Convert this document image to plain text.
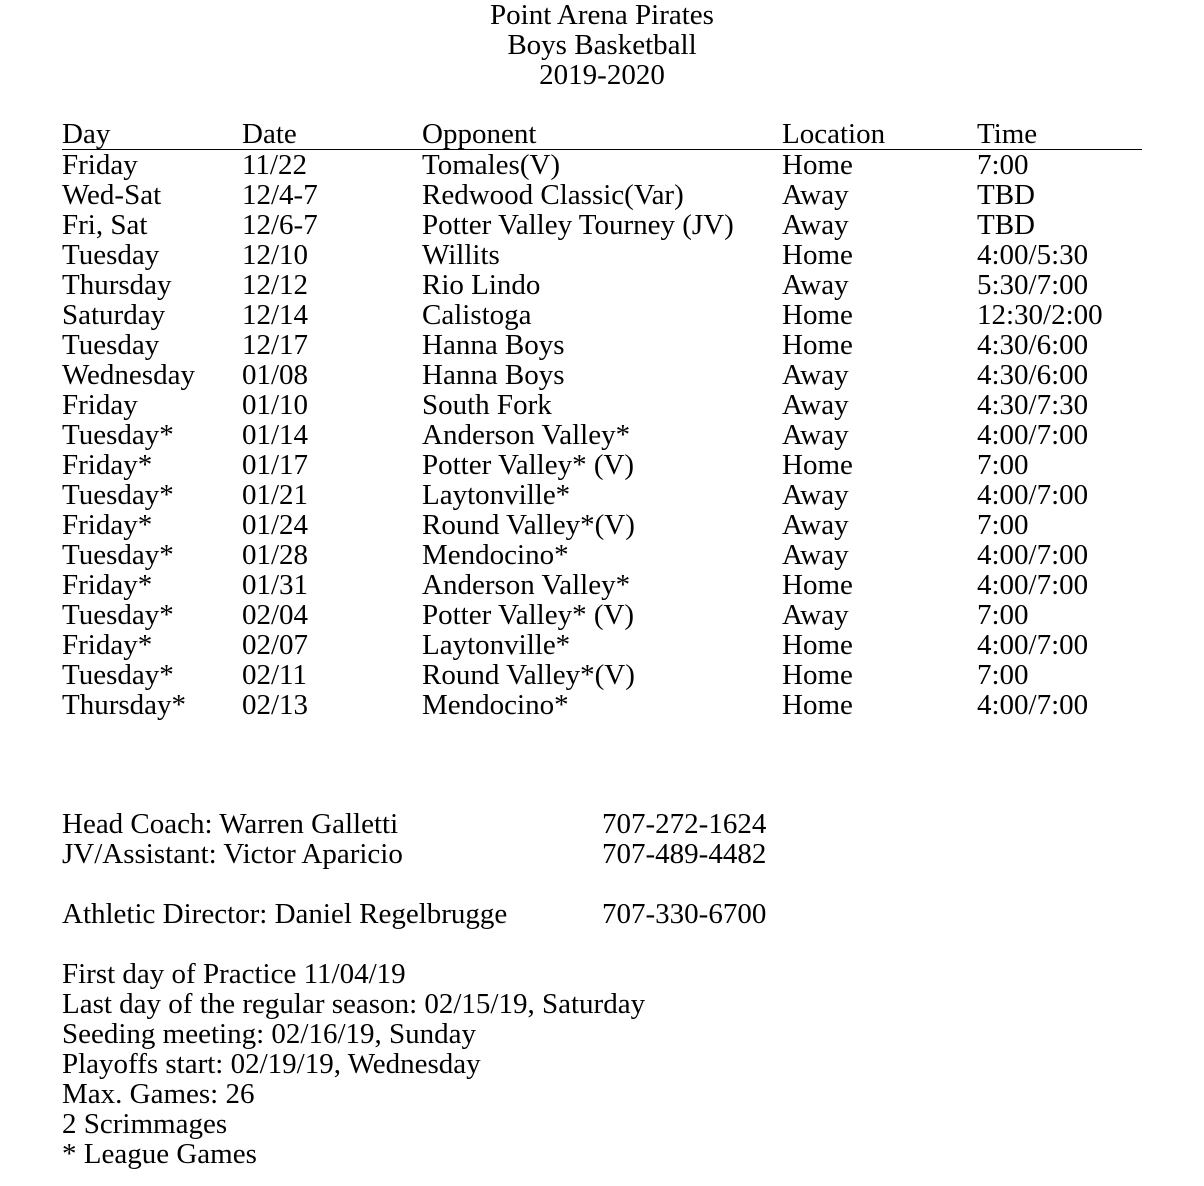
Point Arena Pirates
Boys Basketball
2019-2020
Day	Date	Opponent	Location	Time
Friday	11/22	Tomales(V)	Home	7:00
Wed-Sat	12/4-7	Redwood Classic(Var)	Away	TBD
Fri, Sat	12/6-7	Potter Valley Tourney (JV) Away	TBD
Tuesday	12/10	Willits	Home	4:00/5:30
Thursday 12/12	Rio Lindo	Away	5:30/7:00
Saturday	12/14	Calistoga	Home	12:30/2:00
Tuesday	12/17	Hanna Boys	Home	4:30/6:00
Wednesday 01/08	Hanna Boys	Away	4:30/6:00
Friday	01/10	South Fork	Away	4:30/7:30
Tuesday* 01/14	Anderson Valley*	Away	4:00/7:00
Friday*	01/17	Potter Valley* (V)	Home	7:00
Tuesday* 01/21	Laytonville*	Away	4:00/7:00
Friday*	01/24	Round Valley*(V)	Away	7:00
Tuesday* 01/28	Mendocino*	Away	4:00/7:00
Friday*	01/31	Anderson Valley*	Home	4:00/7:00
Tuesday* 02/04	Potter Valley* (V)	Away	7:00
Friday*	02/07	Laytonville*	Home	4:00/7:00
Tuesday* 02/11	Round Valley*(V)	Home	7:00
Thursday* 02/13	Mendocino*	Home	4:00/7:00
Head Coach: Warren Galletti	707-272-1624
JV/Assistant: Victor Aparicio	707-489-4482
Athletic Director: Daniel Regelbrugge	707-330-6700
First day of Practice 11/04/19
Last day of the regular season: 02/15/19, Saturday
Seeding meeting: 02/16/19, Sunday
Playoffs start: 02/19/19, Wednesday
Max. Games: 26
2 Scrimmages
* League Games
